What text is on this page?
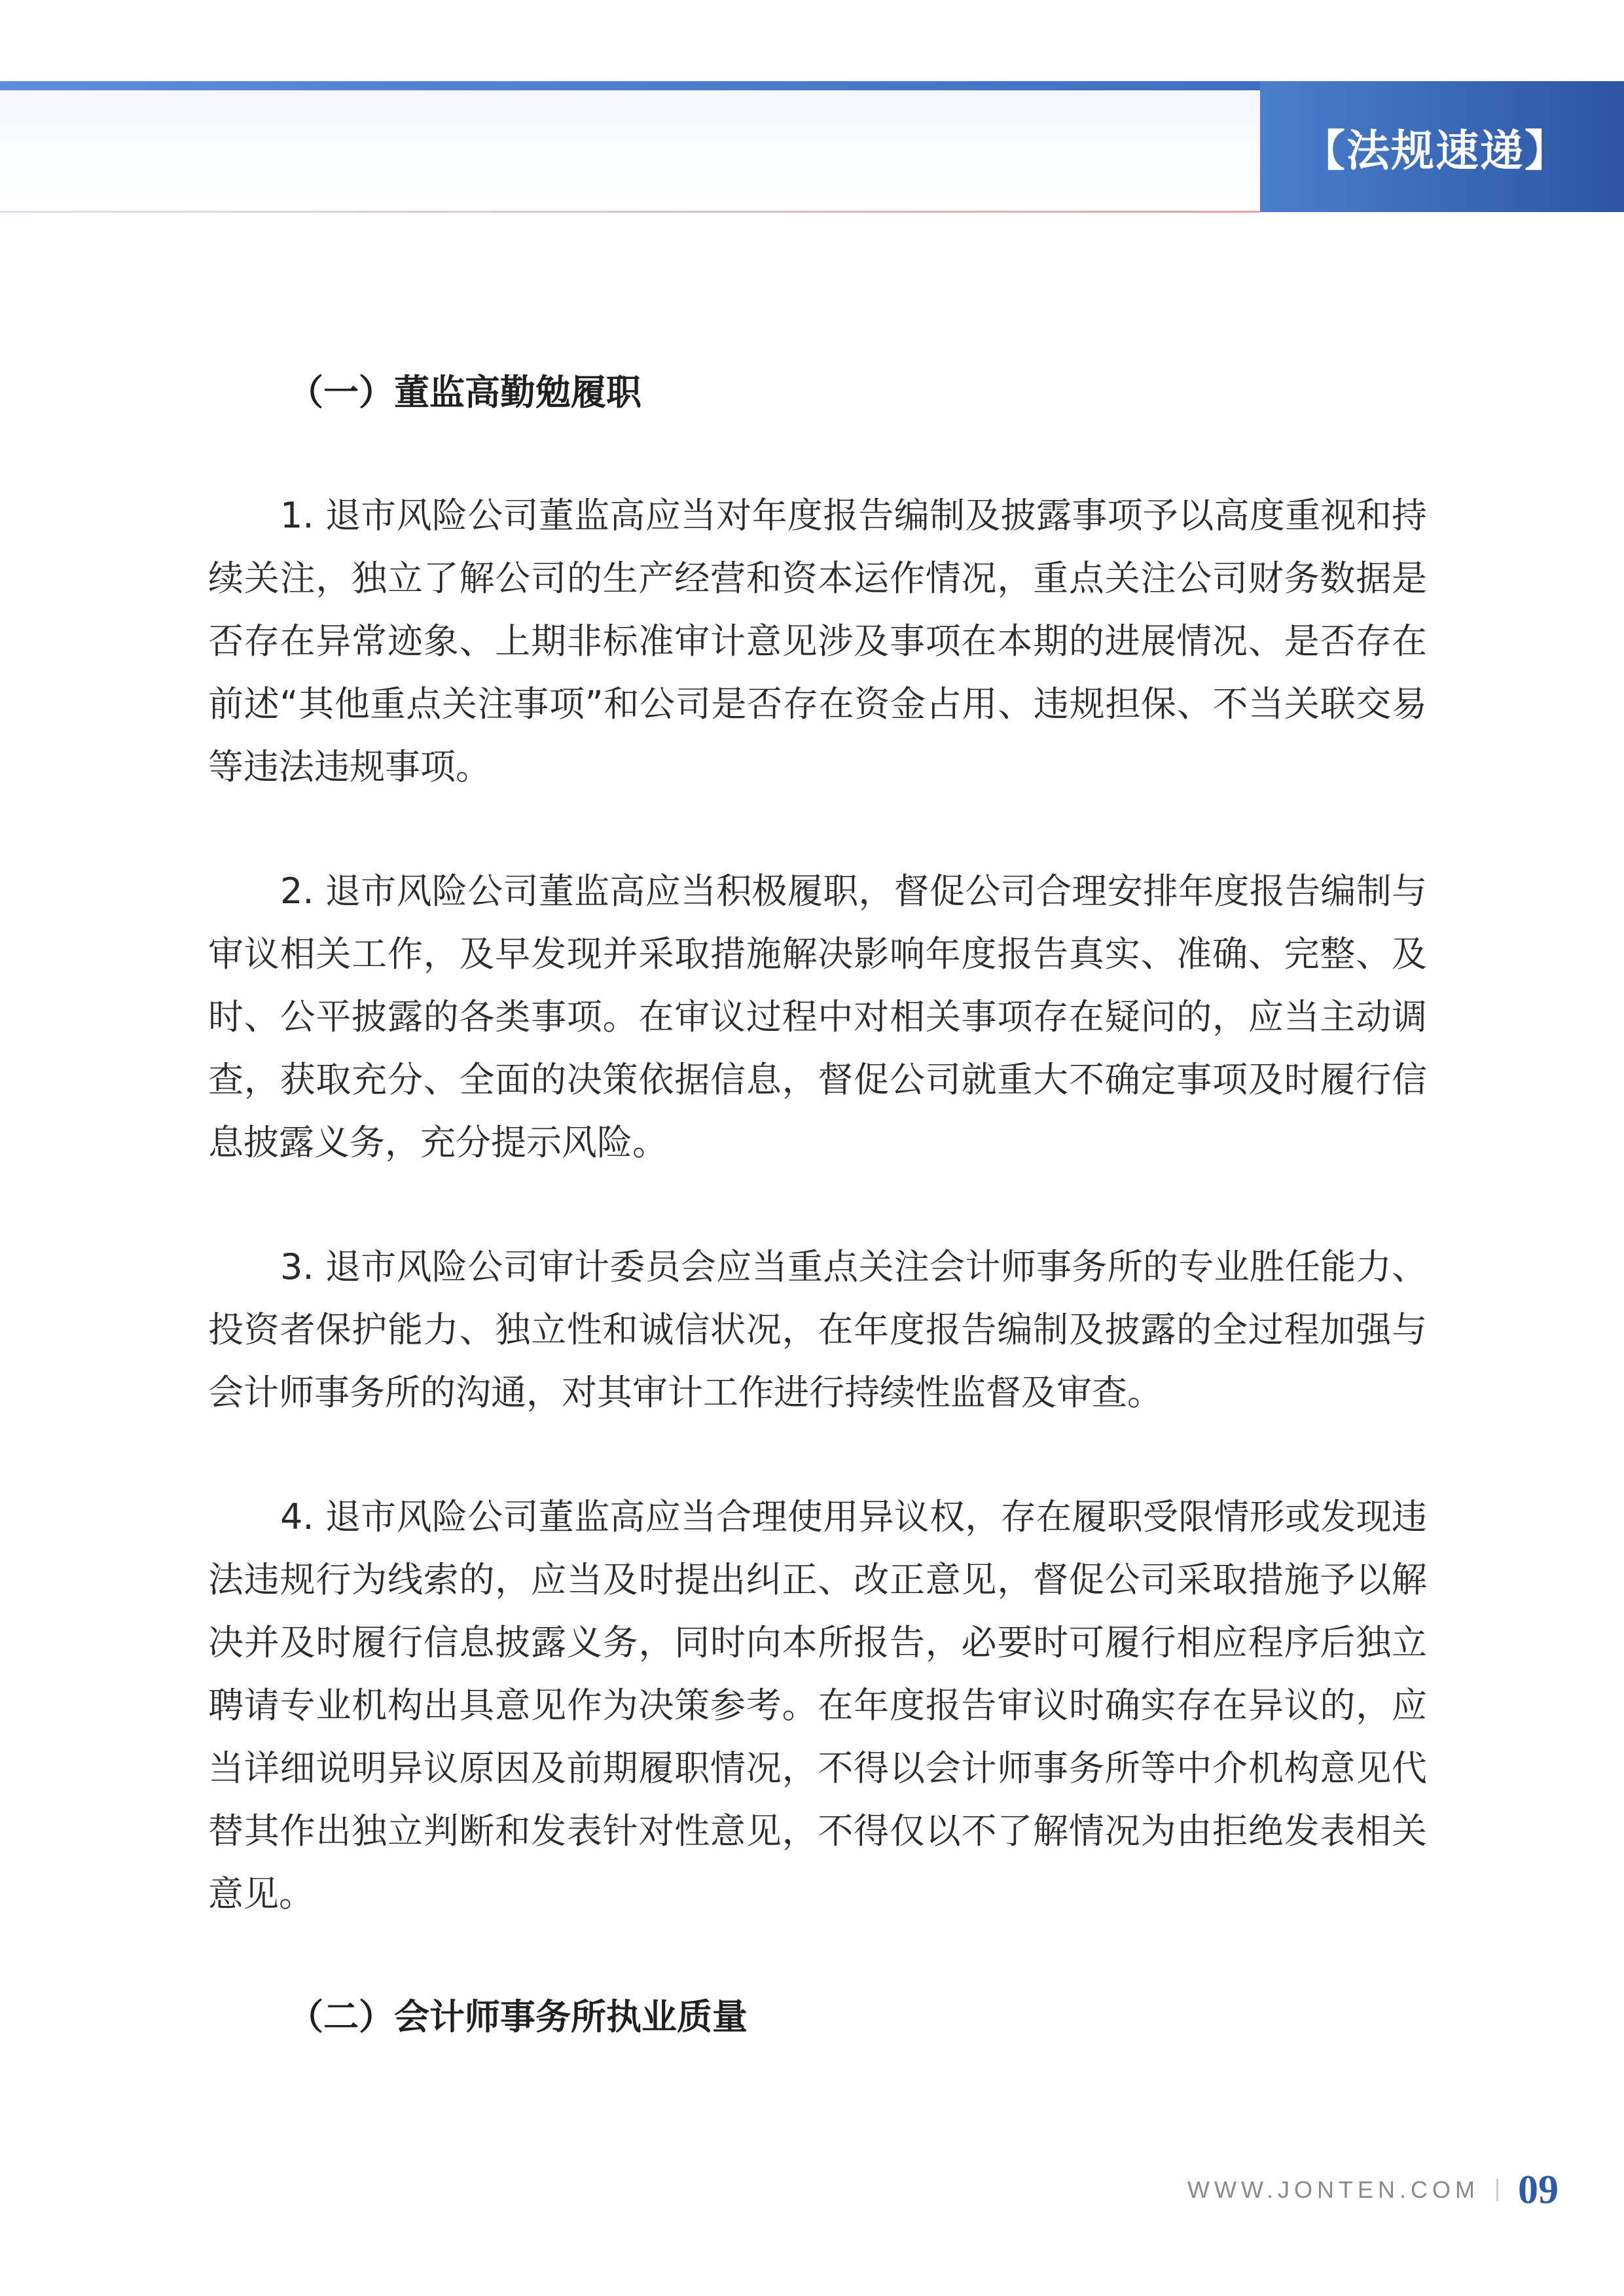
【法规速递】

（一）董监高勤勉履职

1. 退市风险公司董监高应当对年度报告编制及披露事项予以高度重视和持续关注，独立了解公司的生产经营和资本运作情况，重点关注公司财务数据是否存在异常迹象、上期非标准审计意见涉及事项在本期的进展情况、是否存在前述“其他重点关注事项”和公司是否存在资金占用、违规担保、不当关联交易等违法违规事项。

2. 退市风险公司董监高应当积极履职，督促公司合理安排年度报告编制与审议相关工作，及早发现并采取措施解决影响年度报告真实、准确、完整、及时、公平披露的各类事项。在审议过程中对相关事项存在疑问的，应当主动调查，获取充分、全面的决策依据信息，督促公司就重大不确定事项及时履行信息披露义务，充分提示风险。

3. 退市风险公司审计委员会应当重点关注会计师事务所的专业胜任能力、投资者保护能力、独立性和诚信状况，在年度报告编制及披露的全过程加强与会计师事务所的沟通，对其审计工作进行持续性监督及审查。

4. 退市风险公司董监高应当合理使用异议权，存在履职受限情形或发现违法违规行为线索的，应当及时提出纠正、改正意见，督促公司采取措施予以解决并及时履行信息披露义务，同时向本所报告，必要时可履行相应程序后独立聘请专业机构出具意见作为决策参考。在年度报告审议时确实存在异议的，应当详细说明异议原因及前期履职情况，不得以会计师事务所等中介机构意见代替其作出独立判断和发表针对性意见，不得仅以不了解情况为由拒绝发表相关意见。

（二）会计师事务所执业质量

WWW.JONTEN.COM 09
